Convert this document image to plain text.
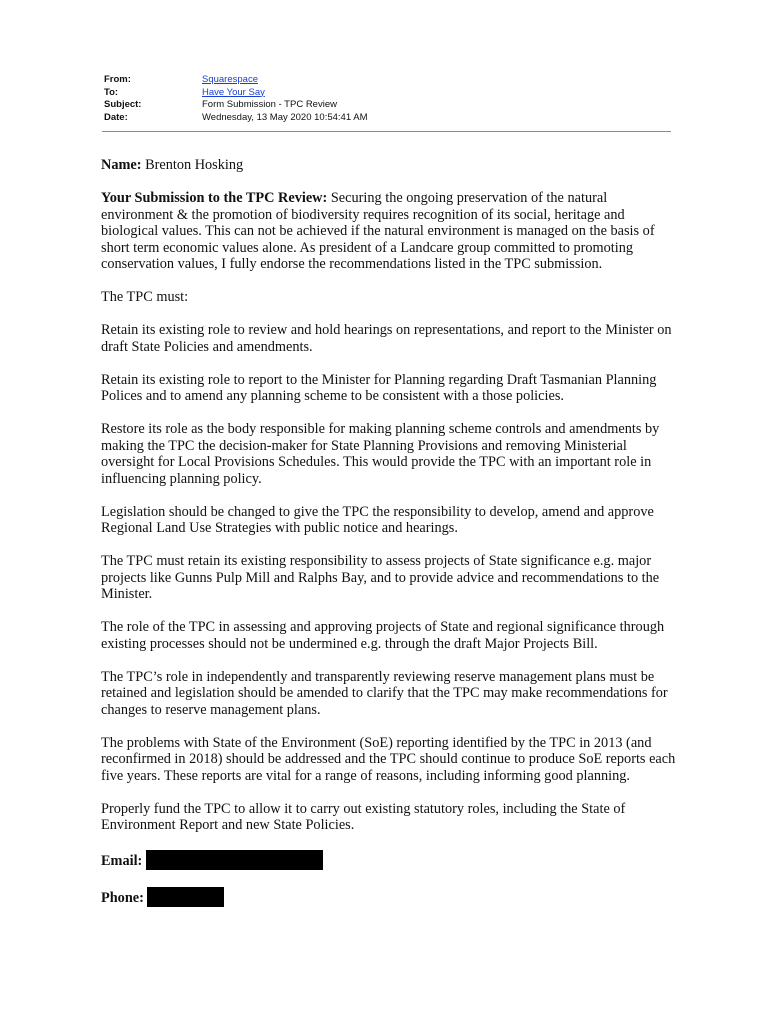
From:	Squarespace
To:	Have Your Say
Subject:	Form Submission - TPC Review
Date:	Wednesday, 13 May 2020 10:54:41 AM

Name: Brenton Hosking

Your Submission to the TPC Review: Securing the ongoing preservation of the natural environment & the promotion of biodiversity requires recognition of its social, heritage and biological values. This can not be achieved if the natural environment is managed on the basis of short term economic values alone. As president of a Landcare group committed to promoting conservation values, I fully endorse the recommendations listed in the TPC submission.

The TPC must:

Retain its existing role to review and hold hearings on representations, and report to the Minister on draft State Policies and amendments.

Retain its existing role to report to the Minister for Planning regarding Draft Tasmanian Planning Polices and to amend any planning scheme to be consistent with a those policies.

Restore its role as the body responsible for making planning scheme controls and amendments by making the TPC the decision-maker for State Planning Provisions and removing Ministerial oversight for Local Provisions Schedules. This would provide the TPC with an important role in influencing planning policy.

Legislation should be changed to give the TPC the responsibility to develop, amend and approve Regional Land Use Strategies with public notice and hearings.

The TPC must retain its existing responsibility to assess projects of State significance e.g. major projects like Gunns Pulp Mill and Ralphs Bay, and to provide advice and recommendations to the Minister.

The role of the TPC in assessing and approving projects of State and regional significance through existing processes should not be undermined e.g. through the draft Major Projects Bill.

The TPC’s role in independently and transparently reviewing reserve management plans must be retained and legislation should be amended to clarify that the TPC may make recommendations for changes to reserve management plans.

The problems with State of the Environment (SoE) reporting identified by the TPC in 2013 (and reconfirmed in 2018) should be addressed and the TPC should continue to produce SoE reports each five years. These reports are vital for a range of reasons, including informing good planning.

Properly fund the TPC to allow it to carry out existing statutory roles, including the State of Environment Report and new State Policies.

Email:

Phone:
